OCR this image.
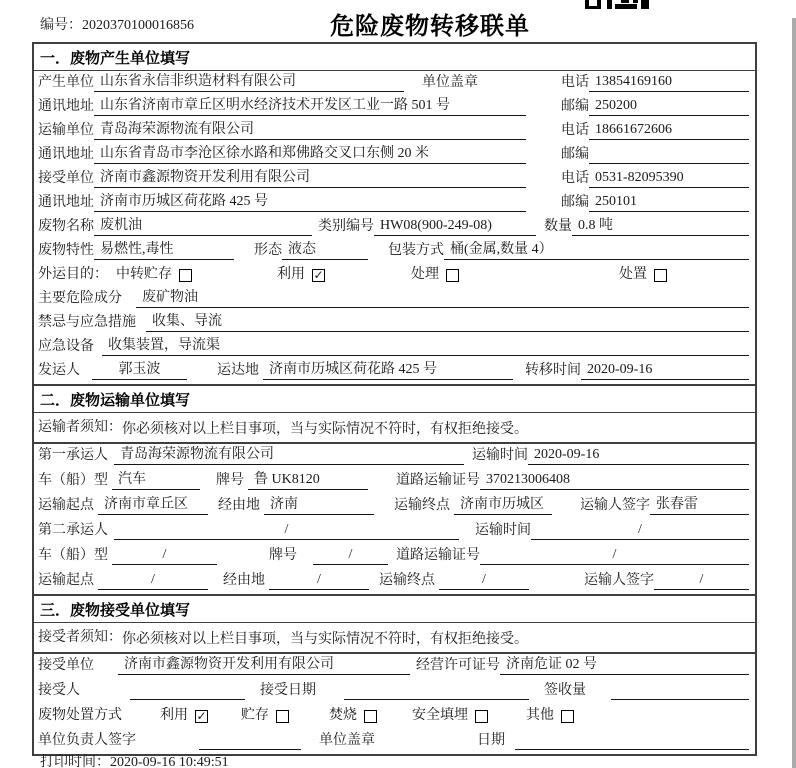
编号：2020370100016856	危险废物转移联单
一．废物产生单位填写
产生单位 山东省永信非织造材料有限公司	单位盖章	电话 13854169160
通讯地址 山东省济南市章丘区明水经济技术开发区工业一路 501 号	邮编 250200
运输单位 青岛海荣源物流有限公司	电话 18661672606
通讯地址 山东省青岛市李沧区徐水路和郑佛路交叉口东侧 20 米	邮编
接受单位 济南市鑫源物资开发利用有限公司	电话 0531-82095390
通讯地址 济南市历城区荷花路 425 号	邮编 250101
废物名称 废机油	类别编号 HW08(900-249-08)	数量 0.8 吨
废物特性 易燃性,毒性	形态 液态	包装方式 桶(金属,数量 4）
外运目的： 中转贮存	利用 ✓	处理	处置
主要危险成分	废矿物油
禁忌与应急措施	收集、导流
应急设备	收集装置，导流渠
发运人	郭玉波	运达地 济南市历城区荷花路 425 号	转移时间 2020-09-16
二．废物运输单位填写
运输者须知： 你必须核对以上栏目事项，当与实际情况不符时，有权拒绝接受。
第一承运人 青岛海荣源物流有限公司	运输时间 2020-09-16
车（船）型 汽车	牌号 鲁 UK8120	道路运输证号 370213006408
运输起点 济南市章丘区	经由地 济南	运输终点 济南市历城区	运输人签字 张春雷
第二承运人	/	运输时间	/
车（船）型	/	牌号	/	道路运输证号	/
运输起点	/	经由地	/	运输终点	/	运输人签字	/
三．废物接受单位填写
接受者须知： 你必须核对以上栏目事项，当与实际情况不符时，有权拒绝接受。
接受单位	济南市鑫源物资开发利用有限公司	经营许可证号 济南危证 02 号
接受人	接受日期	签收量
废物处置方式	利用 ✓ 贮存	焚烧	安全填埋	其他
单位负责人签字	单位盖章	日期
打印时间：2020-09-16 10:49:51
